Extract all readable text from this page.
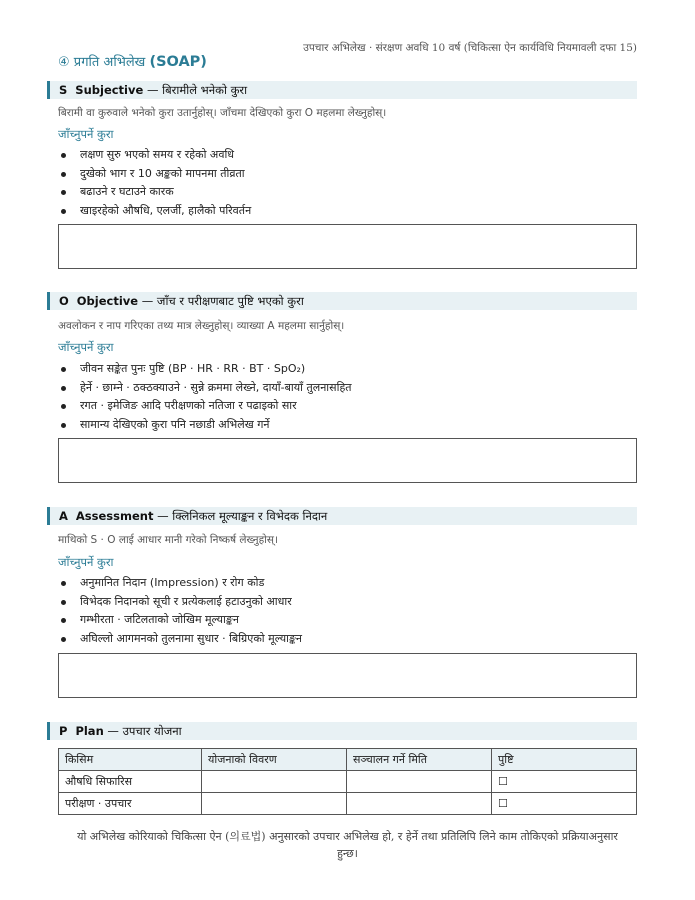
उपचार अभिलेख · संरक्षण अवधि 10 वर्ष (चिकित्सा ऐन कार्यविधि नियमावली दफा 15)
④ प्रगति अभिलेख (SOAP)
S Subjective — बिरामीले भनेको कुरा
बिरामी वा कुरुवाले भनेको कुरा उतार्नुहोस्। जाँचमा देखिएको कुरा O महलमा लेख्नुहोस्।
जाँच्नुपर्ने कुरा
लक्षण सुरु भएको समय र रहेको अवधि
दुखेको भाग र 10 अङ्कको मापनमा तीव्रता
बढाउने र घटाउने कारक
खाइरहेको औषधि, एलर्जी, हालैको परिवर्तन
O Objective — जाँच र परीक्षणबाट पुष्टि भएको कुरा
अवलोकन र नाप गरिएका तथ्य मात्र लेख्नुहोस्। व्याख्या A महलमा सार्नुहोस्।
जाँच्नुपर्ने कुरा
जीवन सङ्केत पुनः पुष्टि (BP · HR · RR · BT · SpO₂)
हेर्ने · छाम्ने · ठक्ठक्याउने · सुन्ने क्रममा लेख्ने, दायाँ-बायाँ तुलनासहित
रगत · इमेजिङ आदि परीक्षणको नतिजा र पढाइको सार
सामान्य देखिएको कुरा पनि नछाडी अभिलेख गर्ने
A Assessment — क्लिनिकल मूल्याङ्कन र विभेदक निदान
माथिको S · O लाई आधार मानी गरेको निष्कर्ष लेख्नुहोस्।
जाँच्नुपर्ने कुरा
अनुमानित निदान (Impression) र रोग कोड
विभेदक निदानको सूची र प्रत्येकलाई हटाउनुको आधार
गम्भीरता · जटिलताको जोखिम मूल्याङ्कन
अघिल्लो आगमनको तुलनामा सुधार · बिग्रिएको मूल्याङ्कन
P Plan — उपचार योजना
किसिम	योजनाको विवरण	सञ्चालन गर्ने मिति	पुष्टि
औषधि सिफारिस			☐
परीक्षण · उपचार			☐
यो अभिलेख कोरियाको चिकित्सा ऐन (의료법) अनुसारको उपचार अभिलेख हो, र हेर्ने तथा प्रतिलिपि लिने काम तोकिएको प्रक्रियाअनुसार हुन्छ।
